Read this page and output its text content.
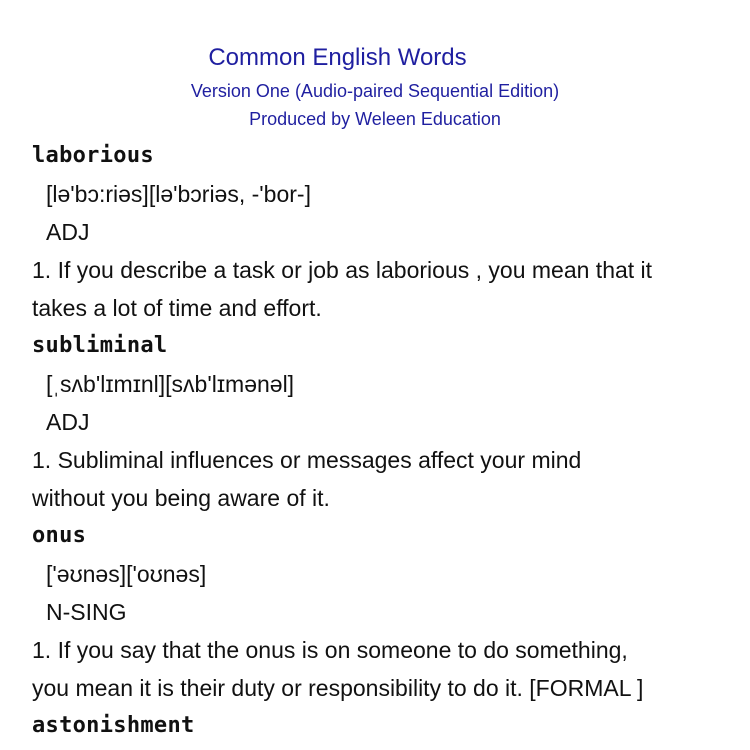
Common English Words
Version One (Audio-paired Sequential Edition)
Produced by Weleen Education
laborious
[lə'bɔ:riəs][lə'bɔriəs, -'bor-]
ADJ
1. If you describe a task or job as laborious , you mean that it
takes a lot of time and effort.
subliminal
[ˌsʌb'lɪmɪnl][sʌb'lɪmənəl]
ADJ
1. Subliminal influences or messages affect your mind
without you being aware of it.
onus
['əʊnəs]['oʊnəs]
N-SING
1. If you say that the onus is on someone to do something,
you mean it is their duty or responsibility to do it. [FORMAL ]
astonishment
